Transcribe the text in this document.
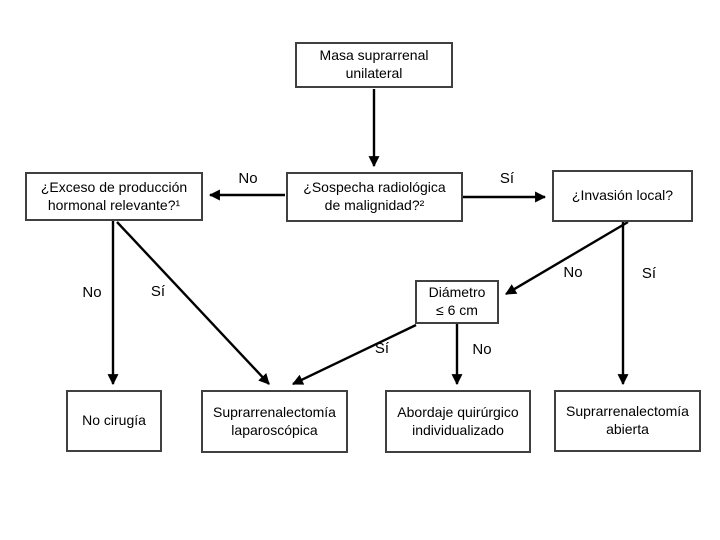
Masa suprarrenal
unilateral
¿Sospecha radiológica
de malignidad?²
¿Exceso de producción
hormonal relevante?¹
¿Invasión local?
Diámetro
≤ 6 cm
No cirugía
Suprarrenalectomía
laparoscópica
Abordaje quirúrgico
individualizado
Suprarrenalectomía
abierta
No	Sí
No	Sí
No	Sí
Sí	No
